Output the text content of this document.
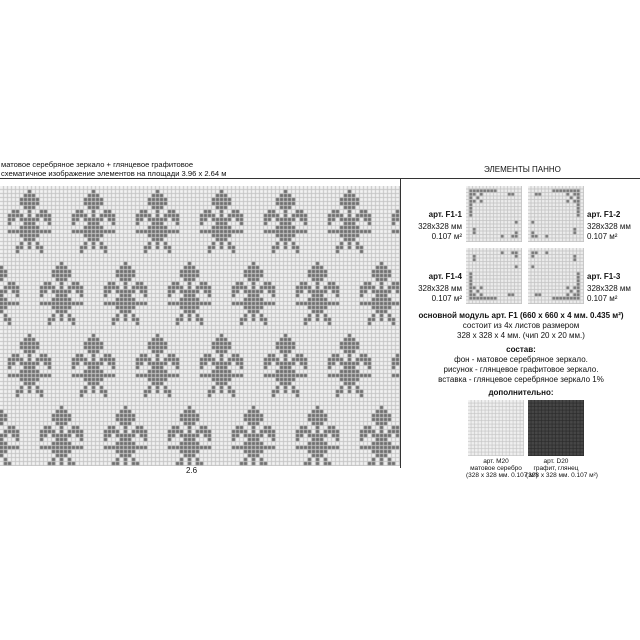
матовое серебряное зеркало + глянцевое графитовое
схематичное изображение элементов на площади 3.96 x 2.64 м	ЭЛЕМЕНТЫ ПАННО
2.6
арт. F1-1
328x328 мм
0.107 м²
арт. F1-2
328x328 мм
0.107 м²
арт. F1-4
328x328 мм
0.107 м²
арт. F1-3
328x328 мм
0.107 м²
основной модуль арт. F1 (660 x 660 x 4 мм. 0.435 м²)
состоит из 4х листов размером
328 x 328 x 4 мм. (чип 20 x 20 мм.)
состав:
фон - матовое серебряное зеркало.
рисунок - глянцевое графитовое зеркало.
вставка - глянцевое серебряное зеркало 1%
дополнительно:
арт. M20
матовое серебро
(328 x 328 мм. 0.107 м²)
арт. D20
графит, глянец
(328 x 328 мм. 0.107 м²)
